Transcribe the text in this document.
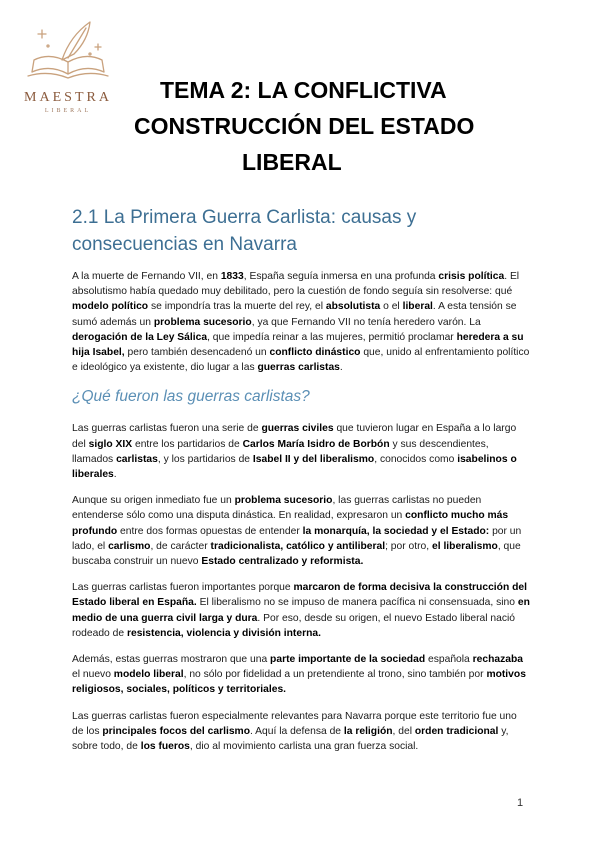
MAESTRA
LIBERAL
TEMA 2: LA CONFLICTIVA
CONSTRUCCIÓN DEL ESTADO
LIBERAL
2.1 La Primera Guerra Carlista: causas y consecuencias en Navarra

A la muerte de Fernando VII, en 1833, España seguía inmersa en una profunda crisis política. El absolutismo había quedado muy debilitado, pero la cuestión de fondo seguía sin resolverse: qué modelo político se impondría tras la muerte del rey, el absolutista o el liberal. A esta tensión se sumó además un problema sucesorio, ya que Fernando VII no tenía heredero varón. La derogación de la Ley Sálica, que impedía reinar a las mujeres, permitió proclamar heredera a su hija Isabel, pero también desencadenó un conflicto dinástico que, unido al enfrentamiento político e ideológico ya existente, dio lugar a las guerras carlistas.

¿Qué fueron las guerras carlistas?

Las guerras carlistas fueron una serie de guerras civiles que tuvieron lugar en España a lo largo del siglo XIX entre los partidarios de Carlos María Isidro de Borbón y sus descendientes, llamados carlistas, y los partidarios de Isabel II y del liberalismo, conocidos como isabelinos o liberales.

Aunque su origen inmediato fue un problema sucesorio, las guerras carlistas no pueden entenderse sólo como una disputa dinástica. En realidad, expresaron un conflicto mucho más profundo entre dos formas opuestas de entender la monarquía, la sociedad y el Estado: por un lado, el carlismo, de carácter tradicionalista, católico y antiliberal; por otro, el liberalismo, que buscaba construir un nuevo Estado centralizado y reformista.

Las guerras carlistas fueron importantes porque marcaron de forma decisiva la construcción del Estado liberal en España. El liberalismo no se impuso de manera pacífica ni consensuada, sino en medio de una guerra civil larga y dura. Por eso, desde su origen, el nuevo Estado liberal nació rodeado de resistencia, violencia y división interna.

Además, estas guerras mostraron que una parte importante de la sociedad española rechazaba el nuevo modelo liberal, no sólo por fidelidad a un pretendiente al trono, sino también por motivos religiosos, sociales, políticos y territoriales.

Las guerras carlistas fueron especialmente relevantes para Navarra porque este territorio fue uno de los principales focos del carlismo. Aquí la defensa de la religión, del orden tradicional y, sobre todo, de los fueros, dio al movimiento carlista una gran fuerza social.

1
